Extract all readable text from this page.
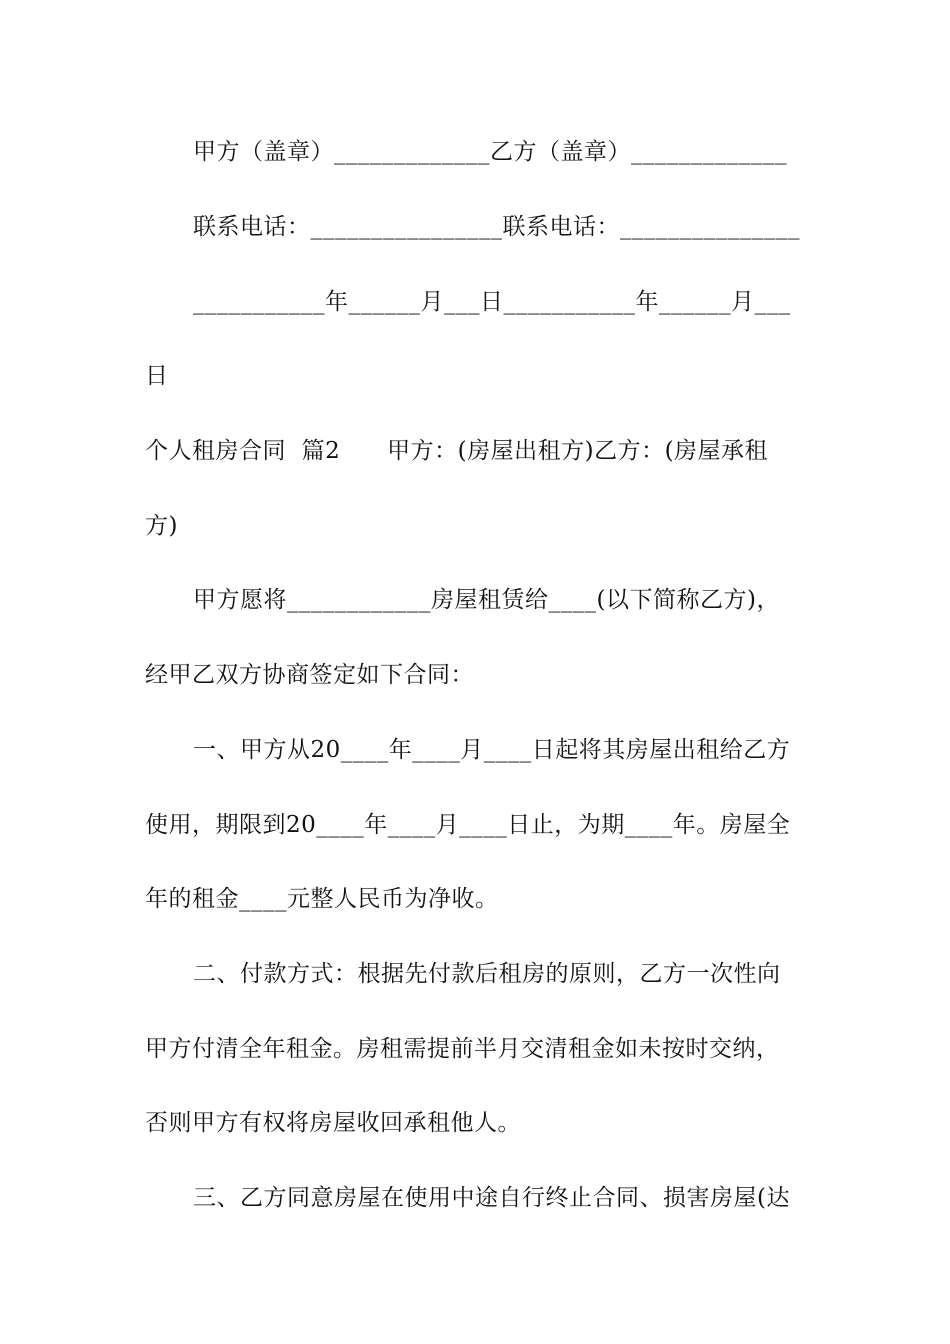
甲方（盖章）_____________乙方（盖章）_____________
联系电话：________________联系电话：_______________
___________年______月___日___________年______月___
日
个人租房合同  篇2      甲方：(房屋出租方)乙方：(房屋承租
方)
甲方愿将____________房屋租赁给____(以下简称乙方)，
经甲乙双方协商签定如下合同：
一、甲方从20____年____月____日起将其房屋出租给乙方
使用，期限到20____年____月____日止，为期____年。房屋全
年的租金____元整人民币为净收。
二、付款方式：根据先付款后租房的原则，乙方一次性向
甲方付清全年租金。房租需提前半月交清租金如未按时交纳，
否则甲方有权将房屋收回承租他人。
三、乙方同意房屋在使用中途自行终止合同、损害房屋(达
